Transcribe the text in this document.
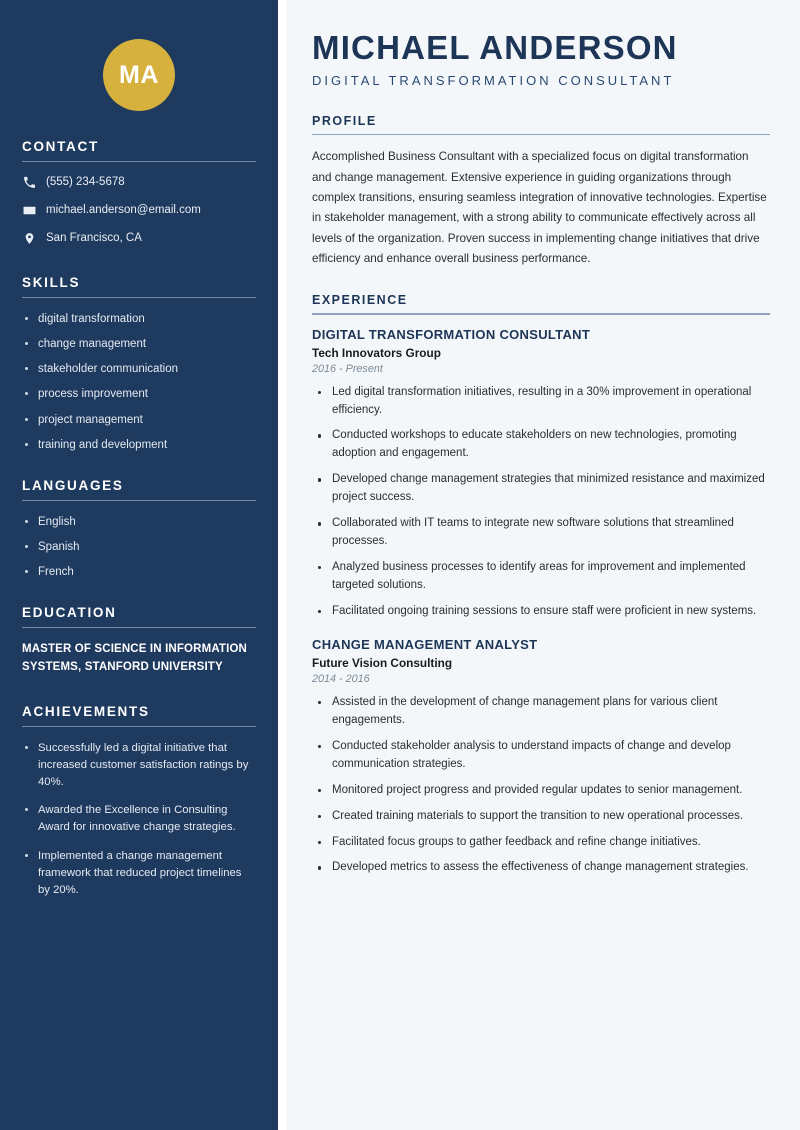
MA
CONTACT
(555) 234-5678
michael.anderson@email.com
San Francisco, CA
SKILLS
digital transformation
change management
stakeholder communication
process improvement
project management
training and development
LANGUAGES
English
Spanish
French
EDUCATION
MASTER OF SCIENCE IN INFORMATION SYSTEMS, STANFORD UNIVERSITY
ACHIEVEMENTS
Successfully led a digital initiative that increased customer satisfaction ratings by 40%.
Awarded the Excellence in Consulting Award for innovative change strategies.
Implemented a change management framework that reduced project timelines by 20%.
MICHAEL ANDERSON
DIGITAL TRANSFORMATION CONSULTANT
PROFILE

Accomplished Business Consultant with a specialized focus on digital transformation and change management. Extensive experience in guiding organizations through complex transitions, ensuring seamless integration of innovative technologies. Expertise in stakeholder management, with a strong ability to communicate effectively across all levels of the organization. Proven success in implementing change initiatives that drive efficiency and enhance overall business performance.

EXPERIENCE
DIGITAL TRANSFORMATION CONSULTANT
Tech Innovators Group
2016 - Present
Led digital transformation initiatives, resulting in a 30% improvement in operational efficiency.
Conducted workshops to educate stakeholders on new technologies, promoting adoption and engagement.
Developed change management strategies that minimized resistance and maximized project success.
Collaborated with IT teams to integrate new software solutions that streamlined processes.
Analyzed business processes to identify areas for improvement and implemented targeted solutions.
Facilitated ongoing training sessions to ensure staff were proficient in new systems.
CHANGE MANAGEMENT ANALYST
Future Vision Consulting
2014 - 2016
Assisted in the development of change management plans for various client engagements.
Conducted stakeholder analysis to understand impacts of change and develop communication strategies.
Monitored project progress and provided regular updates to senior management.
Created training materials to support the transition to new operational processes.
Facilitated focus groups to gather feedback and refine change initiatives.
Developed metrics to assess the effectiveness of change management strategies.
